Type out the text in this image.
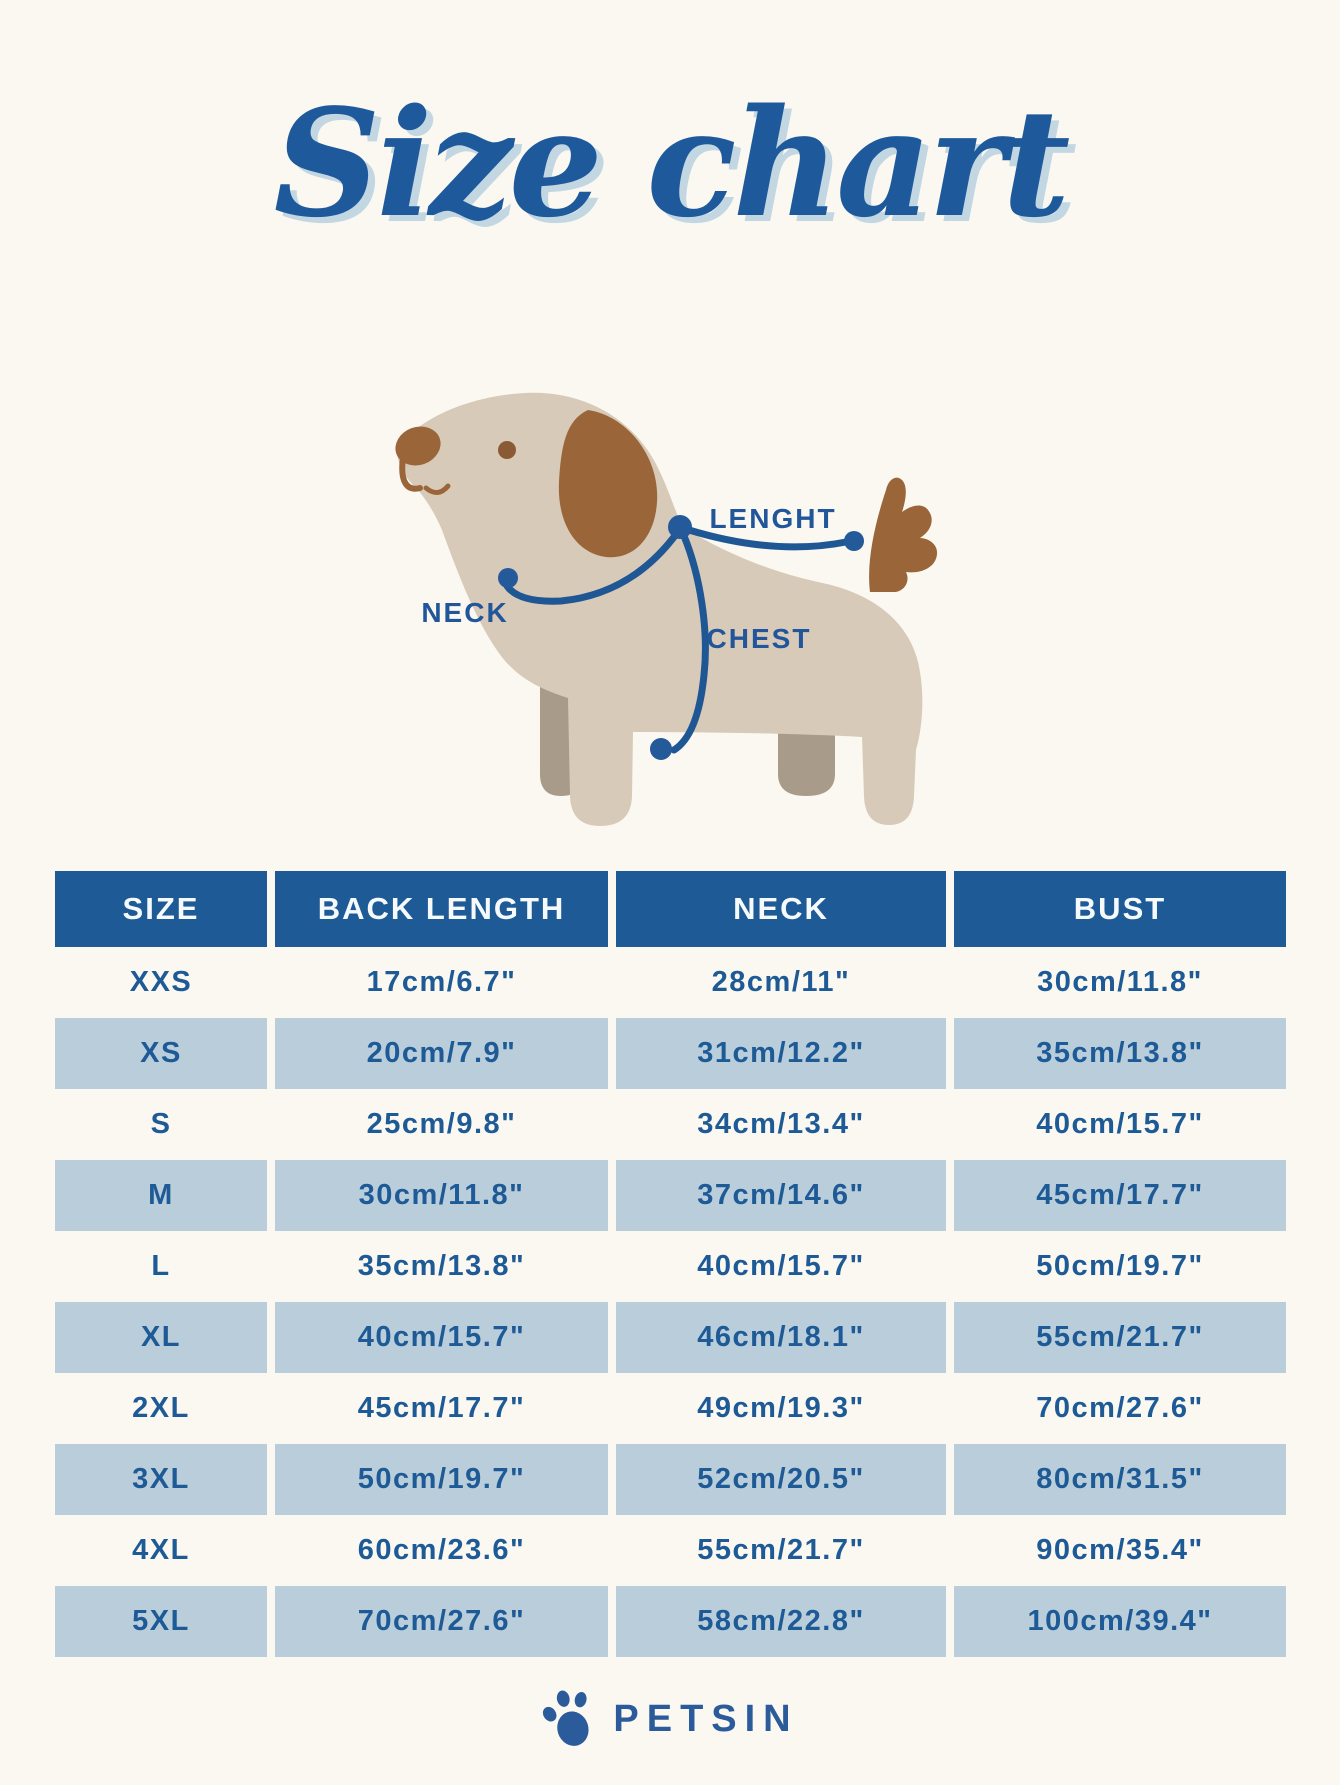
Size chart
LENGHT
NECK
CHEST
SIZE	BACK LENGTH	NECK	BUST
XXS	17cm/6.7"	28cm/11"	30cm/11.8"
XS	20cm/7.9"	31cm/12.2"	35cm/13.8"
S	25cm/9.8"	34cm/13.4"	40cm/15.7"
M	30cm/11.8"	37cm/14.6"	45cm/17.7"
L	35cm/13.8"	40cm/15.7"	50cm/19.7"
XL	40cm/15.7"	46cm/18.1"	55cm/21.7"
2XL	45cm/17.7"	49cm/19.3"	70cm/27.6"
3XL	50cm/19.7"	52cm/20.5"	80cm/31.5"
4XL	60cm/23.6"	55cm/21.7"	90cm/35.4"
5XL	70cm/27.6"	58cm/22.8"	100cm/39.4"
PETSIN
